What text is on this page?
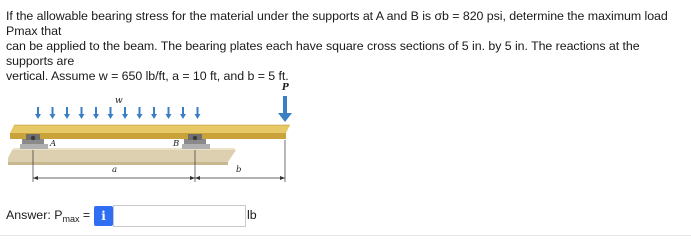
If the allowable bearing stress for the material under the supports at A and B is σb = 820 psi, determine the maximum load Pmax that
can be applied to the beam. The bearing plates each have square cross sections of 5 in. by 5 in. The reactions at the supports are
vertical. Assume w = 650 lb/ft, a = 10 ft, and b = 5 ft.
w
P
A	B
a	b
Answer: $P_{max} = i$	lb
